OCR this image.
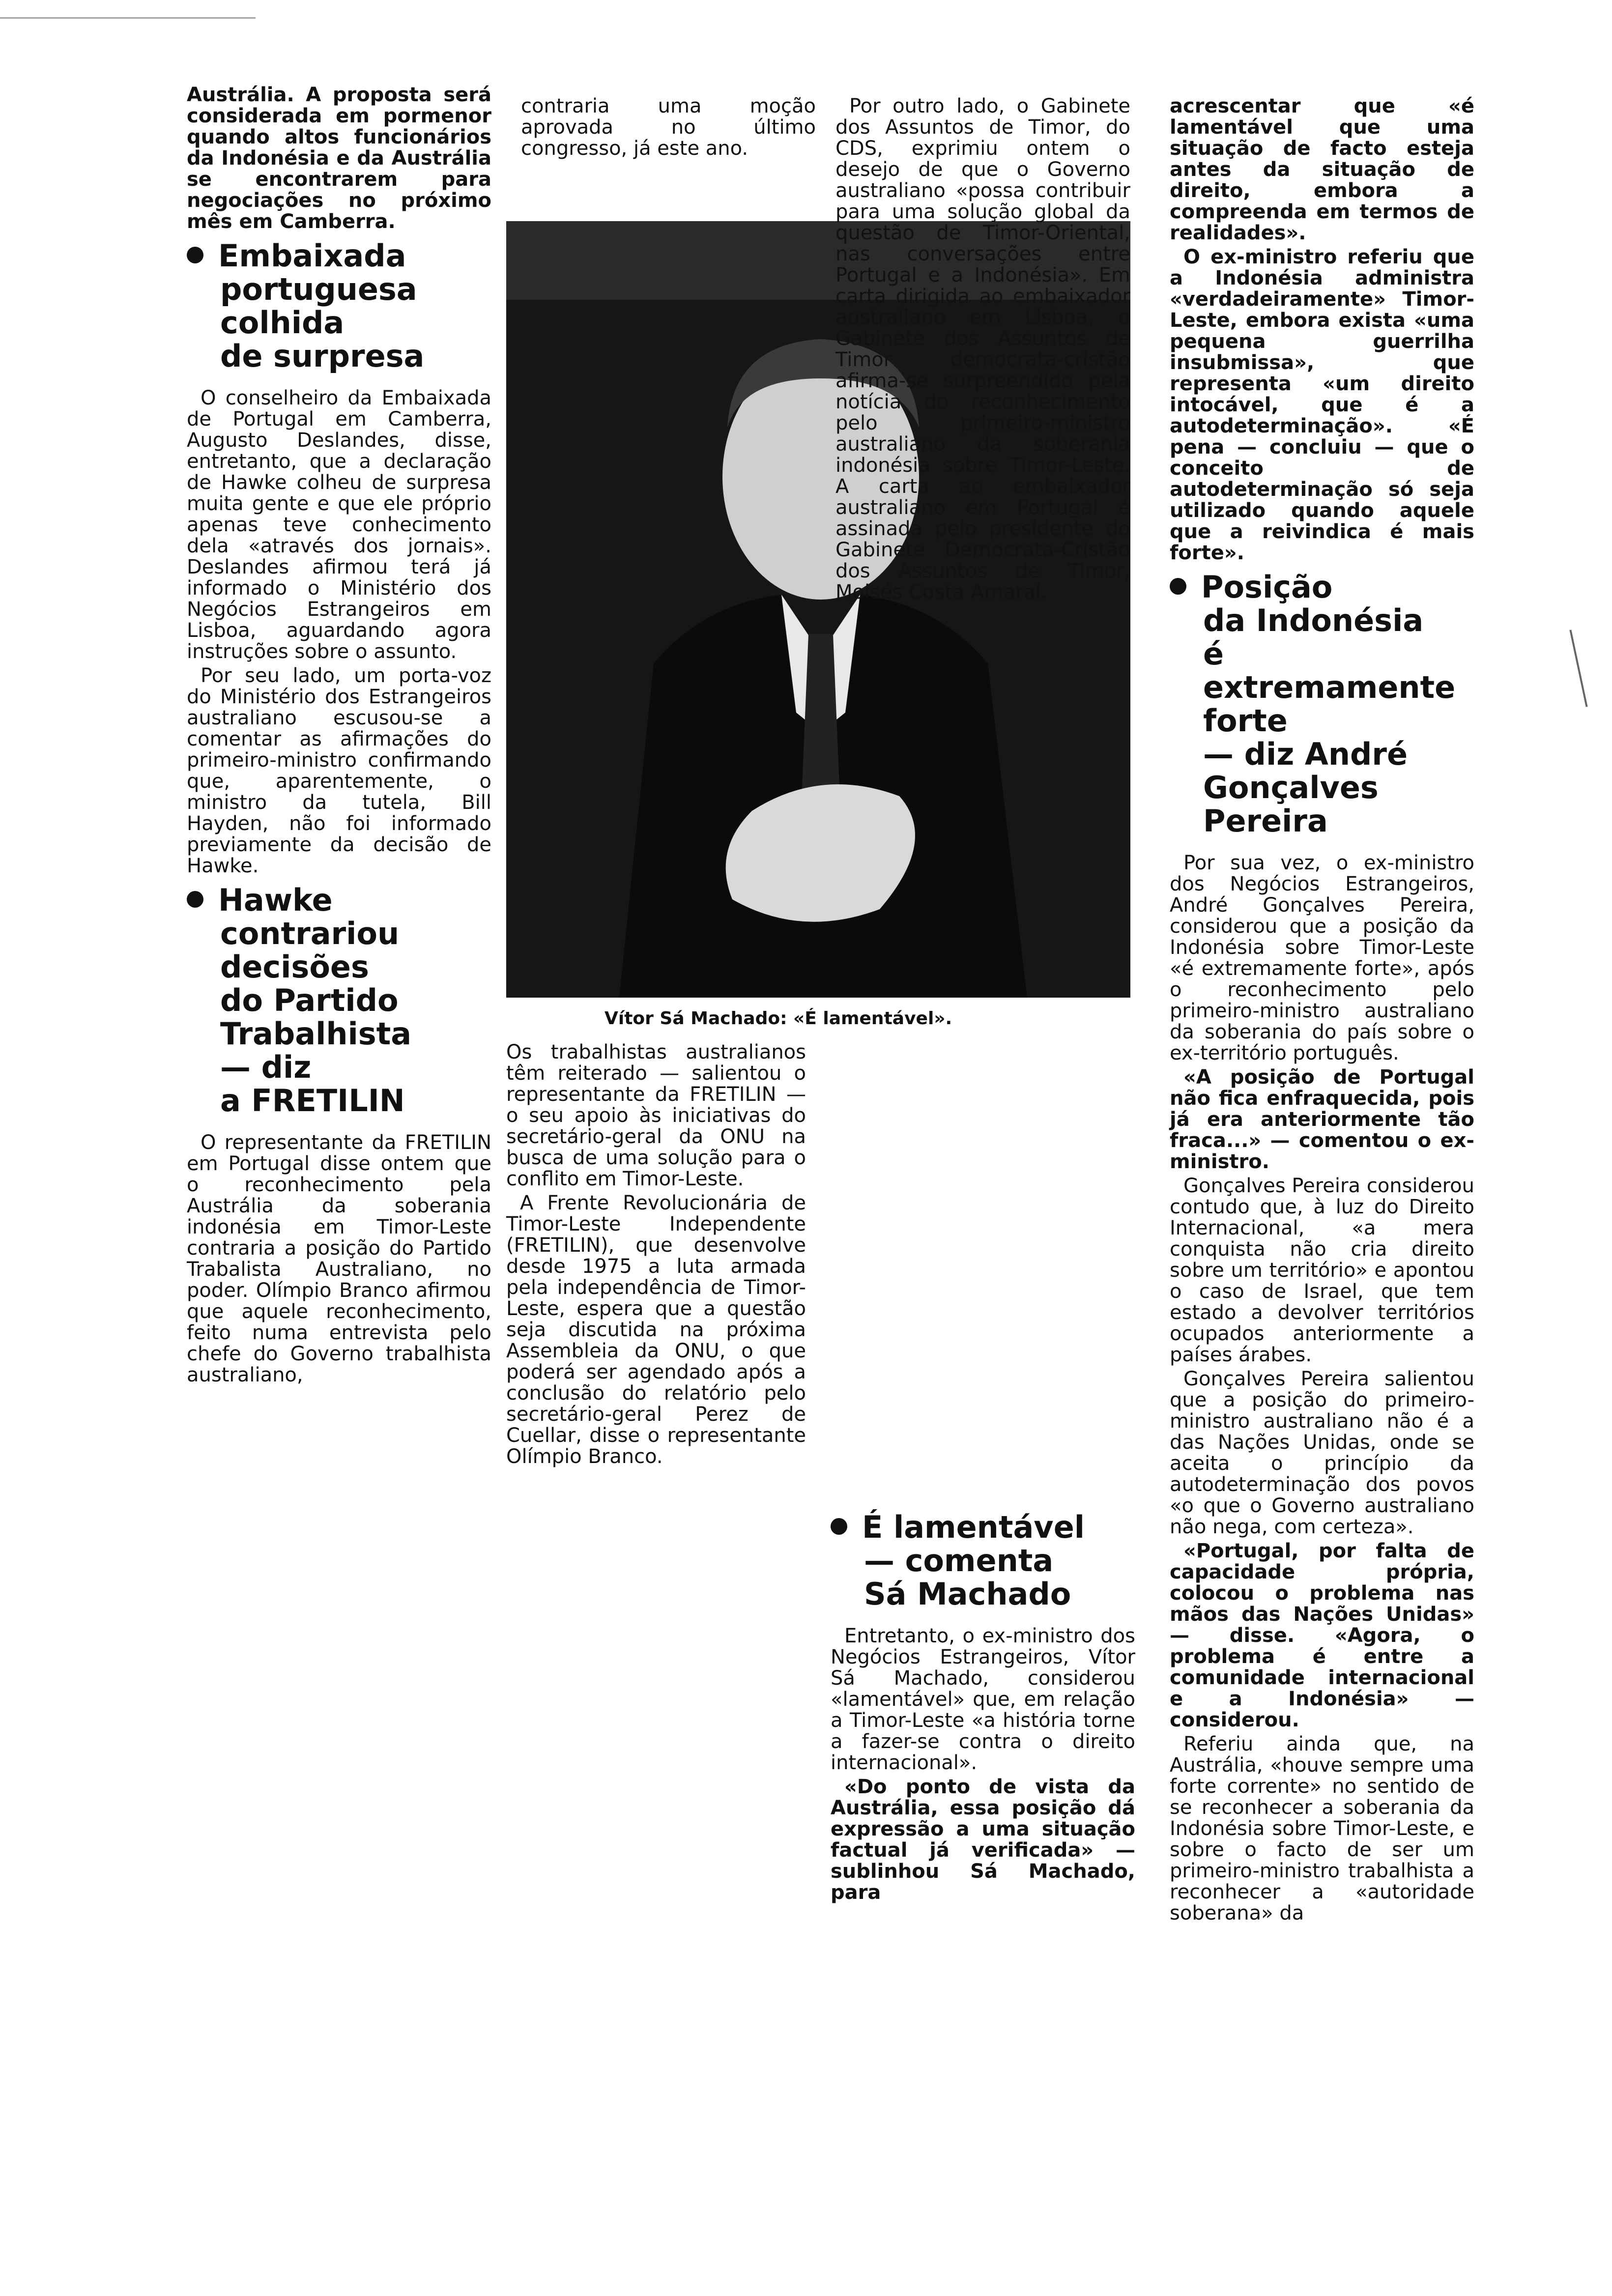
Austrália. A proposta será considerada em pormenor quando altos funcionários da Indonésia e da Austrália se encontrarem para negociações no próximo mês em Camberra.

Embaixada
portuguesa
colhida
de surpresa

O conselheiro da Embaixada de Portugal em Camberra, Augusto Deslandes, disse, entretanto, que a declaração de Hawke colheu de surpresa muita gente e que ele próprio apenas teve conhecimento dela «através dos jornais». Deslandes afirmou terá já informado o Ministério dos Negócios Estrangeiros em Lisboa, aguardando agora instruções sobre o assunto.

Por seu lado, um porta-voz do Ministério dos Estrangeiros australiano escusou-se a comentar as afirmações do primeiro-ministro confirmando que, aparentemente, o ministro da tutela, Bill Hayden, não foi informado previamente da decisão de Hawke.

Hawke
contrariou
decisões
do Partido
Trabalhista
— diz
a FRETILIN

O representante da FRETILIN em Portugal disse ontem que o reconhecimento pela Austrália da soberania indonésia em Timor-Leste contraria a posição do Partido Trabalista Australiano, no poder. Olímpio Branco afirmou que aquele reconhecimento, feito numa entrevista pelo chefe do Governo trabalhista australiano,

contraria uma moção aprovada no último congresso, já este ano.

Vítor Sá Machado: «É lamentável».

Os trabalhistas australianos têm reiterado — salientou o representante da FRETILIN — o seu apoio às iniciativas do secretário-geral da ONU na busca de uma solução para o conflito em Timor-Leste.

A Frente Revolucionária de Timor-Leste Independente (FRETILIN), que desenvolve desde 1975 a luta armada pela independência de Timor-Leste, espera que a questão seja discutida na próxima Assembleia da ONU, o que poderá ser agendado após a conclusão do relatório pelo secretário-geral Perez de Cuellar, disse o representante Olímpio Branco.

Por outro lado, o Gabinete dos Assuntos de Timor, do CDS, exprimiu ontem o desejo de que o Governo australiano «possa contribuir para uma solução global da questão de Timor-Oriental, nas conversações entre Portugal e a Indonésia». Em carta dirigida ao embaixador australiano em Lisboa, o Gabinete dos Assuntos de Timor democrata-cristão afirma-se surpreendido pela notícia do reconhecimento pelo primeiro-ministro australiano da soberania indonésia sobre Timor-Leste. A carta ao embaixador australiano em Portugal é assinada pelo presidente do Gabinete Democrata-Cristão dos Assuntos de Timor, Moisés Costa Amaral.

É lamentável
— comenta
Sá Machado

Entretanto, o ex-ministro dos Negócios Estrangeiros, Vítor Sá Machado, considerou «lamentável» que, em relação a Timor-Leste «a história torne a fazer-se contra o direito internacional».

«Do ponto de vista da Austrália, essa posição dá expressão a uma situação factual já verificada» — sublinhou Sá Machado, para

acrescentar que «é lamentável que uma situação de facto esteja antes da situação de direito, embora a compreenda em termos de realidades».

O ex-ministro referiu que a Indonésia administra «verdadeiramente» Timor-Leste, embora exista «uma pequena guerrilha insubmissa», que representa «um direito intocável, que é a autodeterminação». «É pena — concluiu — que o conceito de autodeterminação só seja utilizado quando aquele que a reivindica é mais forte».

Posição
da Indonésia
é extremamente
forte
— diz André
Gonçalves
Pereira

Por sua vez, o ex-ministro dos Negócios Estrangeiros, André Gonçalves Pereira, considerou que a posição da Indonésia sobre Timor-Leste «é extremamente forte», após o reconhecimento pelo primeiro-ministro australiano da soberania do país sobre o ex-território português.

«A posição de Portugal não fica enfraquecida, pois já era anteriormente tão fraca...» — comentou o ex-ministro.

Gonçalves Pereira considerou contudo que, à luz do Direito Internacional, «a mera conquista não cria direito sobre um território» e apontou o caso de Israel, que tem estado a devolver territórios ocupados anteriormente a países árabes.

Gonçalves Pereira salientou que a posição do primeiro-ministro australiano não é a das Nações Unidas, onde se aceita o princípio da autodeterminação dos povos «o que o Governo australiano não nega, com certeza».

«Portugal, por falta de capacidade própria, colocou o problema nas mãos das Nações Unidas» — disse. «Agora, o problema é entre a comunidade internacional e a Indonésia» — considerou.

Referiu ainda que, na Austrália, «houve sempre uma forte corrente» no sentido de se reconhecer a soberania da Indonésia sobre Timor-Leste, e sobre o facto de ser um primeiro-ministro trabalhista a reconhecer a «autoridade soberana» da
